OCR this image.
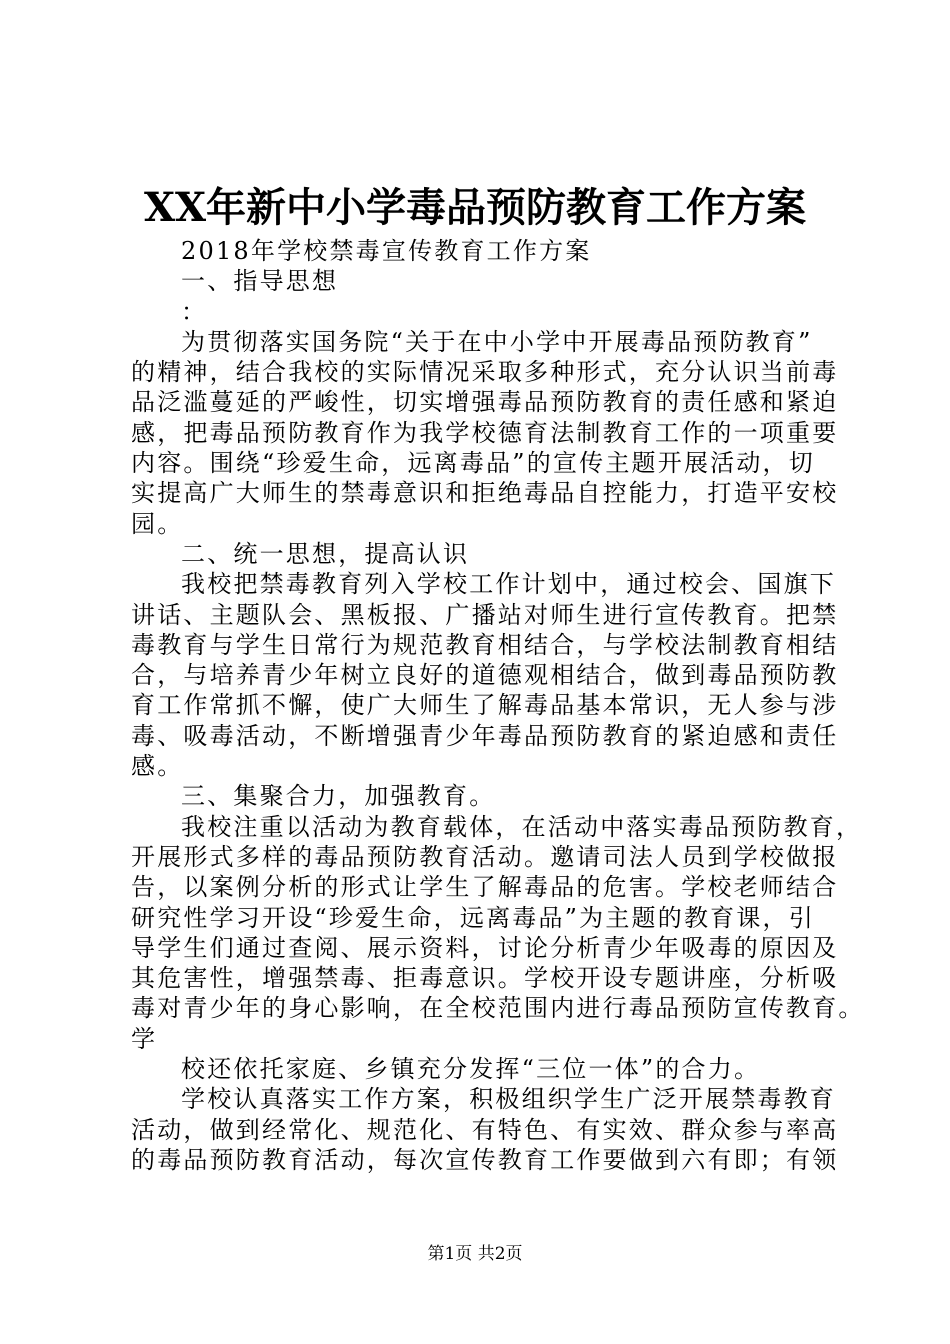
XX年新中小学毒品预防教育工作方案
2018年学校禁毒宣传教育工作方案
一、指导思想
：
为贯彻落实国务院“关于在中小学中开展毒品预防教育”
的精神，结合我校的实际情况采取多种形式，充分认识当前毒
品泛滥蔓延的严峻性，切实增强毒品预防教育的责任感和紧迫
感，把毒品预防教育作为我学校德育法制教育工作的一项重要
内容。围绕“珍爱生命，远离毒品”的宣传主题开展活动，切
实提高广大师生的禁毒意识和拒绝毒品自控能力，打造平安校
园。
二、统一思想，提高认识
我校把禁毒教育列入学校工作计划中，通过校会、国旗下
讲话、主题队会、黑板报、广播站对师生进行宣传教育。把禁
毒教育与学生日常行为规范教育相结合，与学校法制教育相结
合，与培养青少年树立良好的道德观相结合，做到毒品预防教
育工作常抓不懈，使广大师生了解毒品基本常识，无人参与涉
毒、吸毒活动，不断增强青少年毒品预防教育的紧迫感和责任
感。
三、集聚合力，加强教育。
我校注重以活动为教育载体，在活动中落实毒品预防教育，
开展形式多样的毒品预防教育活动。邀请司法人员到学校做报
告，以案例分析的形式让学生了解毒品的危害。学校老师结合
研究性学习开设“珍爱生命，远离毒品”为主题的教育课，引
导学生们通过查阅、展示资料，讨论分析青少年吸毒的原因及
其危害性，增强禁毒、拒毒意识。学校开设专题讲座，分析吸
毒对青少年的身心影响，在全校范围内进行毒品预防宣传教育。
学
校还依托家庭、乡镇充分发挥“三位一体”的合力。
学校认真落实工作方案，积极组织学生广泛开展禁毒教育
活动，做到经常化、规范化、有特色、有实效、群众参与率高
的毒品预防教育活动，每次宣传教育工作要做到六有即；有领
第1页 共2页
